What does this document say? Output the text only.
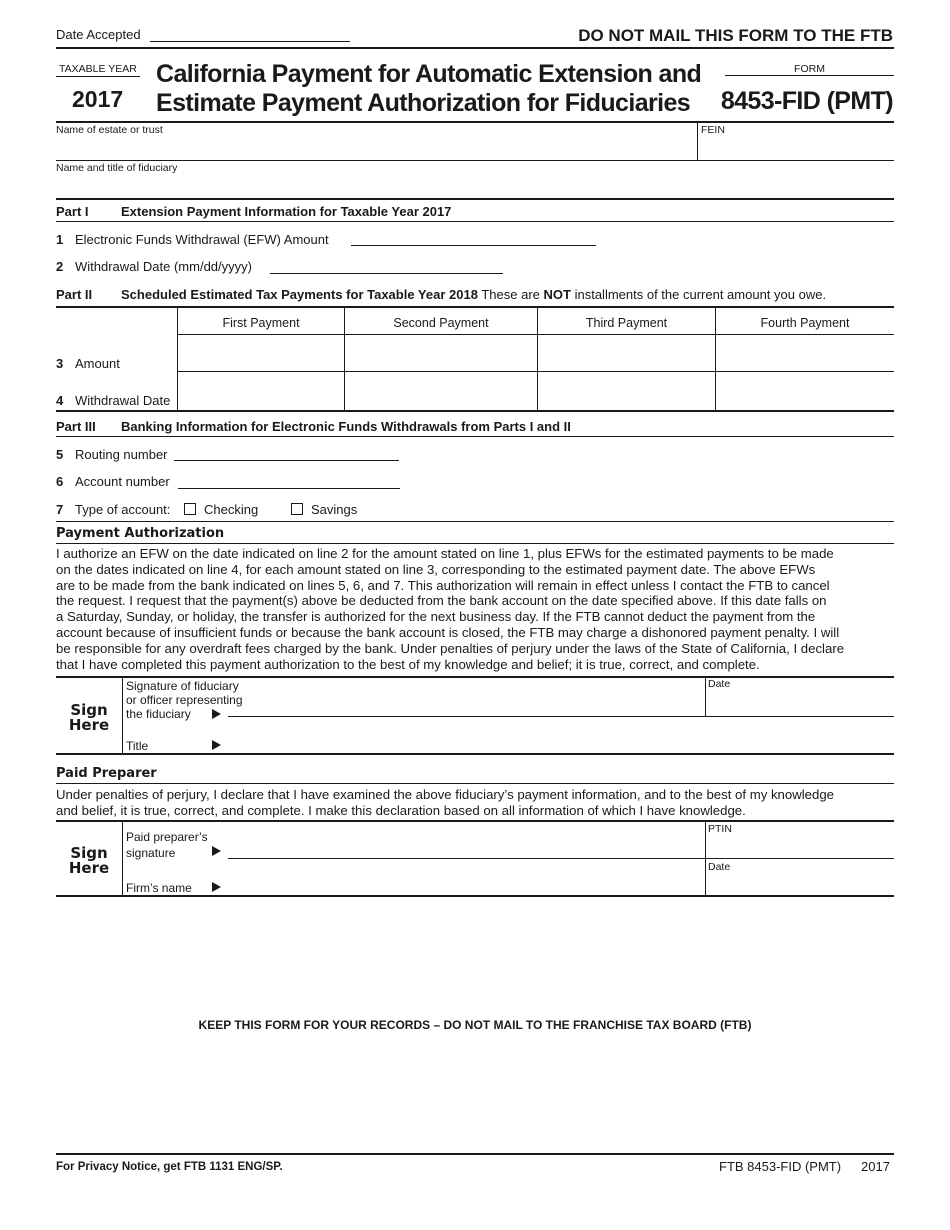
Date Accepted	DO NOT MAIL THIS FORM TO THE FTB
TAXABLE YEAR
2017
California Payment for Automatic Extension and
Estimate Payment Authorization for Fiduciaries
FORM
8453-FID (PMT)
Name of estate or trust	FEIN
Name and title of fiduciary
Part I Extension Payment Information for Taxable Year 2017
1 Electronic Funds Withdrawal (EFW) Amount
2 Withdrawal Date (mm/dd/yyyy)
Part II Scheduled Estimated Tax Payments for Taxable Year 2018 These are NOT installments of the current amount you owe.
First Payment	Second Payment	Third Payment	Fourth Payment
3 Amount
4 Withdrawal Date
Part III Banking Information for Electronic Funds Withdrawals from Parts I and II
5 Routing number
6 Account number
7 Type of account:	Checking	Savings
Payment Authorization
I authorize an EFW on the date indicated on line 2 for the amount stated on line 1, plus EFWs for the estimated payments to be made
on the dates indicated on line 4, for each amount stated on line 3, corresponding to the estimated payment date. The above EFWs
are to be made from the bank indicated on lines 5, 6, and 7. This authorization will remain in effect unless I contact the FTB to cancel
the request. I request that the payment(s) above be deducted from the bank account on the date specified above. If this date falls on
a Saturday, Sunday, or holiday, the transfer is authorized for the next business day. If the FTB cannot deduct the payment from the
account because of insufficient funds or because the bank account is closed, the FTB may charge a dishonored payment penalty. I will
be responsible for any overdraft fees charged by the bank. Under penalties of perjury under the laws of the State of California, I declare
that I have completed this payment authorization to the best of my knowledge and belief; it is true, correct, and complete.
Sign
Here
Signature of fiduciary
or officer representing
the fiduciary
Date
Title
Paid Preparer
Under penalties of perjury, I declare that I have examined the above fiduciary’s payment information, and to the best of my knowledge
and belief, it is true, correct, and complete. I make this declaration based on all information of which I have knowledge.
Sign
Here
Paid preparer’s
signature
PTIN
Date
Firm’s name
KEEP THIS FORM FOR YOUR RECORDS – DO NOT MAIL TO THE FRANCHISE TAX BOARD (FTB)
For Privacy Notice, get FTB 1131 ENG/SP.	FTB 8453-FID (PMT) 2017
